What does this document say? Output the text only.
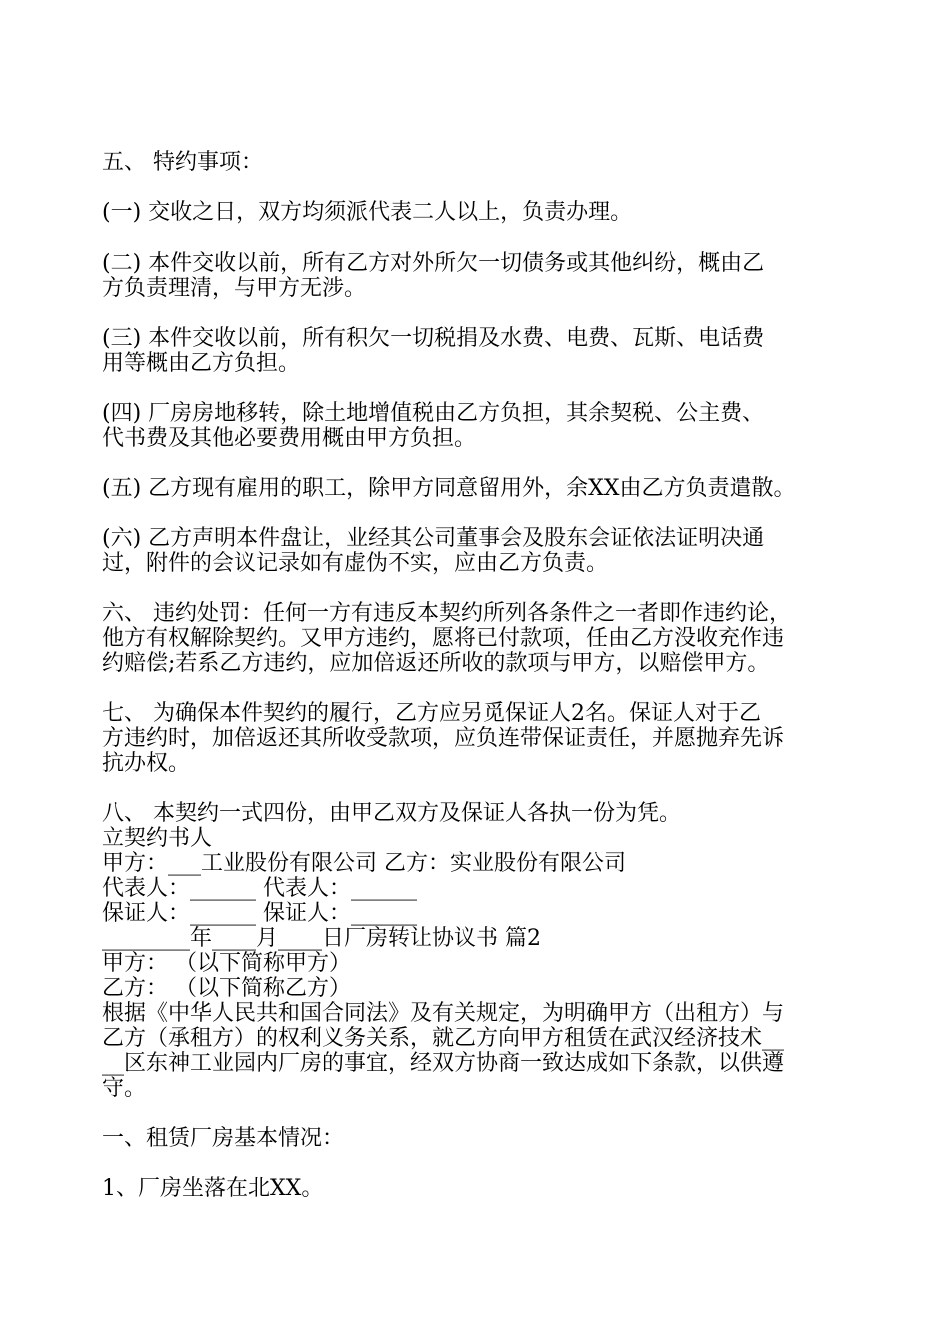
五、 特约事项：

(一) 交收之日，双方均须派代表二人以上，负责办理。

(二) 本件交收以前，所有乙方对外所欠一切债务或其他纠纷，概由乙

方负责理清，与甲方无涉。

(三) 本件交收以前，所有积欠一切税捐及水费、电费、瓦斯、电话费

用等概由乙方负担。

(四) 厂房房地移转，除土地增值税由乙方负担，其余契税、公主费、

代书费及其他必要费用概由甲方负担。

(五) 乙方现有雇用的职工，除甲方同意留用外，余XX由乙方负责遣散。

(六) 乙方声明本件盘让，业经其公司董事会及股东会证依法证明决通

过，附件的会议记录如有虚伪不实，应由乙方负责。

六、 违约处罚：任何一方有违反本契约所列各条件之一者即作违约论，

他方有权解除契约。又甲方违约，愿将已付款项，任由乙方没收充作违

约赔偿;若系乙方违约，应加倍返还所收的款项与甲方，以赔偿甲方。

七、 为确保本件契约的履行，乙方应另觅保证人2名。保证人对于乙

方违约时，加倍返还其所收受款项，应负连带保证责任，并愿抛弃先诉

抗办权。

八、 本契约一式四份，由甲乙双方及保证人各执一份为凭。

立契约书人

甲方：___工业股份有限公司 乙方：实业股份有限公司

代表人：______ 代表人：______

保证人：______ 保证人：______

________年____月____日厂房转让协议书 篇2

甲方： （以下简称甲方）

乙方： （以下简称乙方）

根据《中华人民共和国合同法》及有关规定，为明确甲方（出租方）与

乙方（承租方）的权利义务关系，就乙方向甲方租赁在武汉经济技术__

__区东神工业园内厂房的事宜，经双方协商一致达成如下条款，以供遵

守。

一、租赁厂房基本情况：

1、厂房坐落在北XX。
